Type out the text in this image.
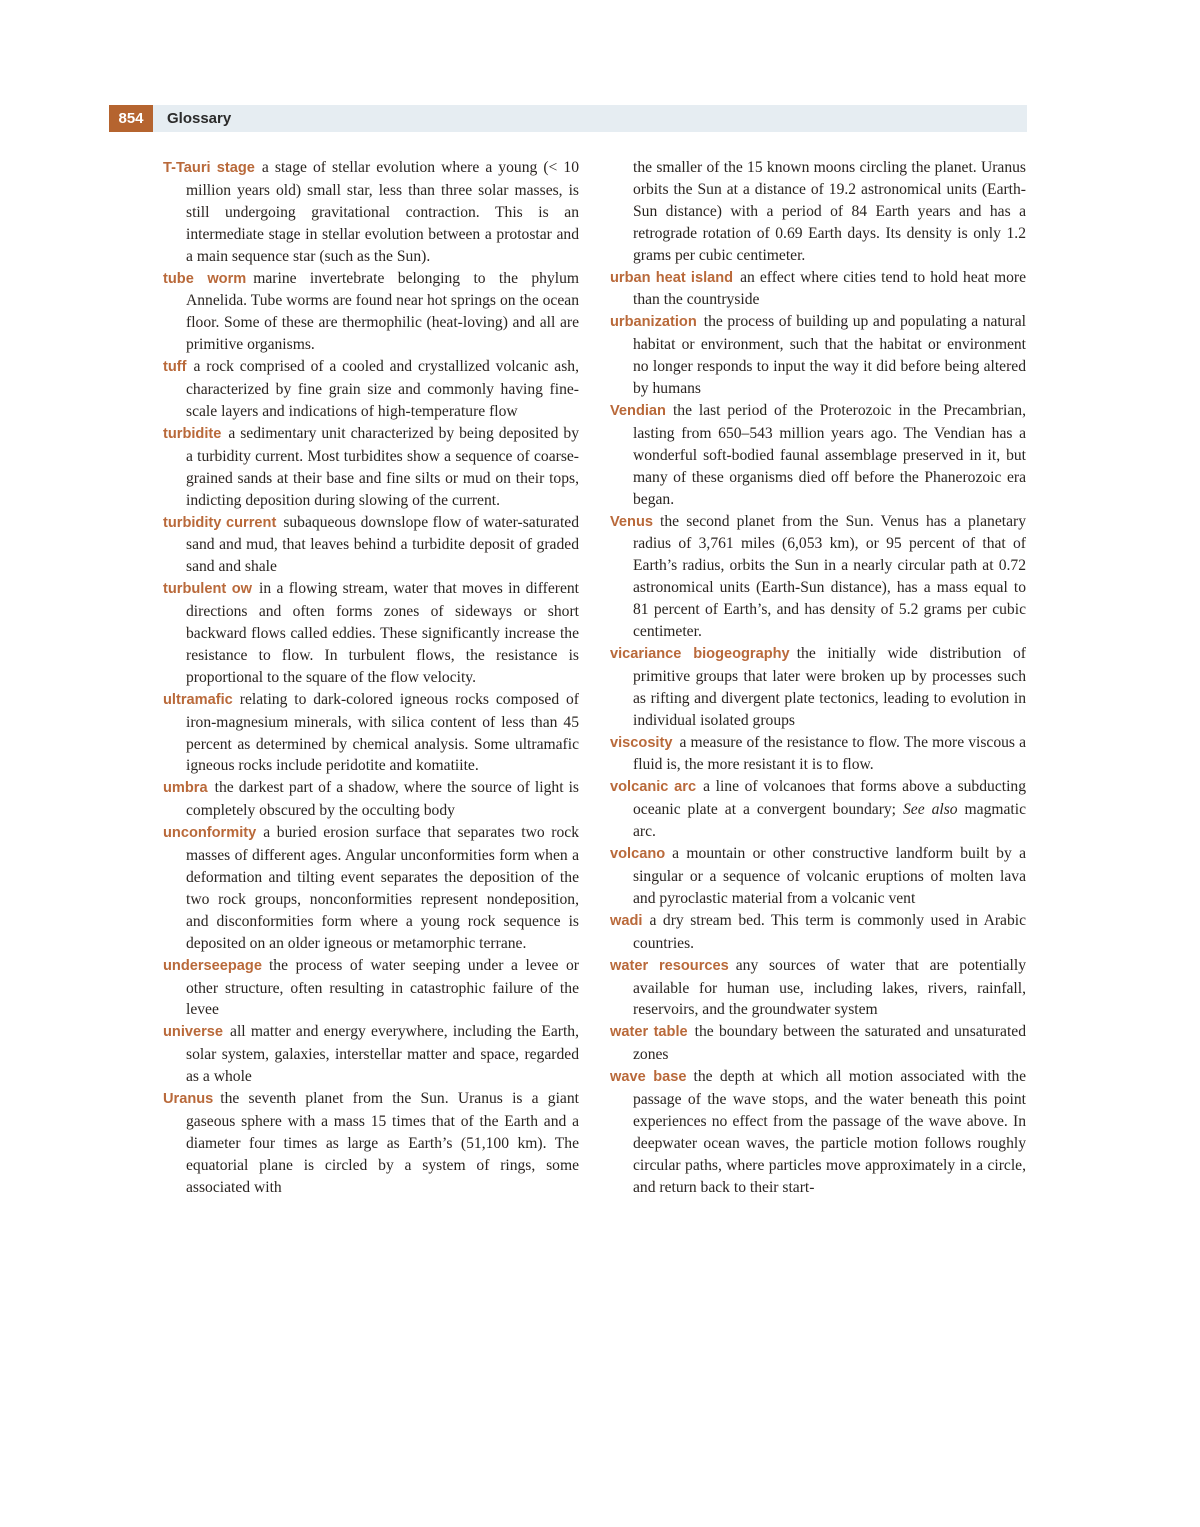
854	Glossary

T-Tauri stage a stage of stellar evolution where a young (< 10 million years old) small star, less than three solar masses, is still undergoing gravitational contraction. This is an intermediate stage in stellar evolution between a protostar and a main sequence star (such as the Sun).

tube worm marine invertebrate belonging to the phylum Annelida. Tube worms are found near hot springs on the ocean floor. Some of these are thermophilic (heat-loving) and all are primitive organisms.

tuff a rock comprised of a cooled and crystallized volcanic ash, characterized by fine grain size and commonly having fine-scale layers and indications of high-temperature flow

turbidite a sedimentary unit characterized by being deposited by a turbidity current. Most turbidites show a sequence of coarse-grained sands at their base and fine silts or mud on their tops, indicting deposition during slowing of the current.

turbidity current subaqueous downslope flow of water-saturated sand and mud, that leaves behind a turbidite deposit of graded sand and shale

turbulent ow in a flowing stream, water that moves in different directions and often forms zones of sideways or short backward flows called eddies. These significantly increase the resistance to flow. In turbulent flows, the resistance is proportional to the square of the flow velocity.

ultramafic relating to dark-colored igneous rocks composed of iron-magnesium minerals, with silica content of less than 45 percent as determined by chemical analysis. Some ultramafic igneous rocks include peridotite and komatiite.

umbra the darkest part of a shadow, where the source of light is completely obscured by the occulting body

unconformity a buried erosion surface that separates two rock masses of different ages. Angular unconformities form when a deformation and tilting event separates the deposition of the two rock groups, nonconformities represent nondeposition, and disconformities form where a young rock sequence is deposited on an older igneous or metamorphic terrane.

underseepage the process of water seeping under a levee or other structure, often resulting in catastrophic failure of the levee

universe all matter and energy everywhere, including the Earth, solar system, galaxies, interstellar matter and space, regarded as a whole

Uranus the seventh planet from the Sun. Uranus is a giant gaseous sphere with a mass 15 times that of the Earth and a diameter four times as large as Earth’s (51,100 km). The equatorial plane is circled by a system of rings, some associated with

the smaller of the 15 known moons circling the planet. Uranus orbits the Sun at a distance of 19.2 astronomical units (Earth-Sun distance) with a period of 84 Earth years and has a retrograde rotation of 0.69 Earth days. Its density is only 1.2 grams per cubic centimeter.

urban heat island an effect where cities tend to hold heat more than the countryside

urbanization the process of building up and populating a natural habitat or environment, such that the habitat or environment no longer responds to input the way it did before being altered by humans

Vendian the last period of the Proterozoic in the Precambrian, lasting from 650–543 million years ago. The Vendian has a wonderful soft-bodied faunal assemblage preserved in it, but many of these organisms died off before the Phanerozoic era began.

Venus the second planet from the Sun. Venus has a planetary radius of 3,761 miles (6,053 km), or 95 percent of that of Earth’s radius, orbits the Sun in a nearly circular path at 0.72 astronomical units (Earth-Sun distance), has a mass equal to 81 percent of Earth’s, and has density of 5.2 grams per cubic centimeter.

vicariance biogeography the initially wide distribution of primitive groups that later were broken up by processes such as rifting and divergent plate tectonics, leading to evolution in individual isolated groups

viscosity a measure of the resistance to flow. The more viscous a fluid is, the more resistant it is to flow.

volcanic arc a line of volcanoes that forms above a subducting oceanic plate at a convergent boundary; See also magmatic arc.

volcano a mountain or other constructive landform built by a singular or a sequence of volcanic eruptions of molten lava and pyroclastic material from a volcanic vent

wadi a dry stream bed. This term is commonly used in Arabic countries.

water resources any sources of water that are potentially available for human use, including lakes, rivers, rainfall, reservoirs, and the groundwater system

water table the boundary between the saturated and unsaturated zones

wave base the depth at which all motion associated with the passage of the wave stops, and the water beneath this point experiences no effect from the passage of the wave above. In deepwater ocean waves, the particle motion follows roughly circular paths, where particles move approximately in a circle, and return back to their start-
